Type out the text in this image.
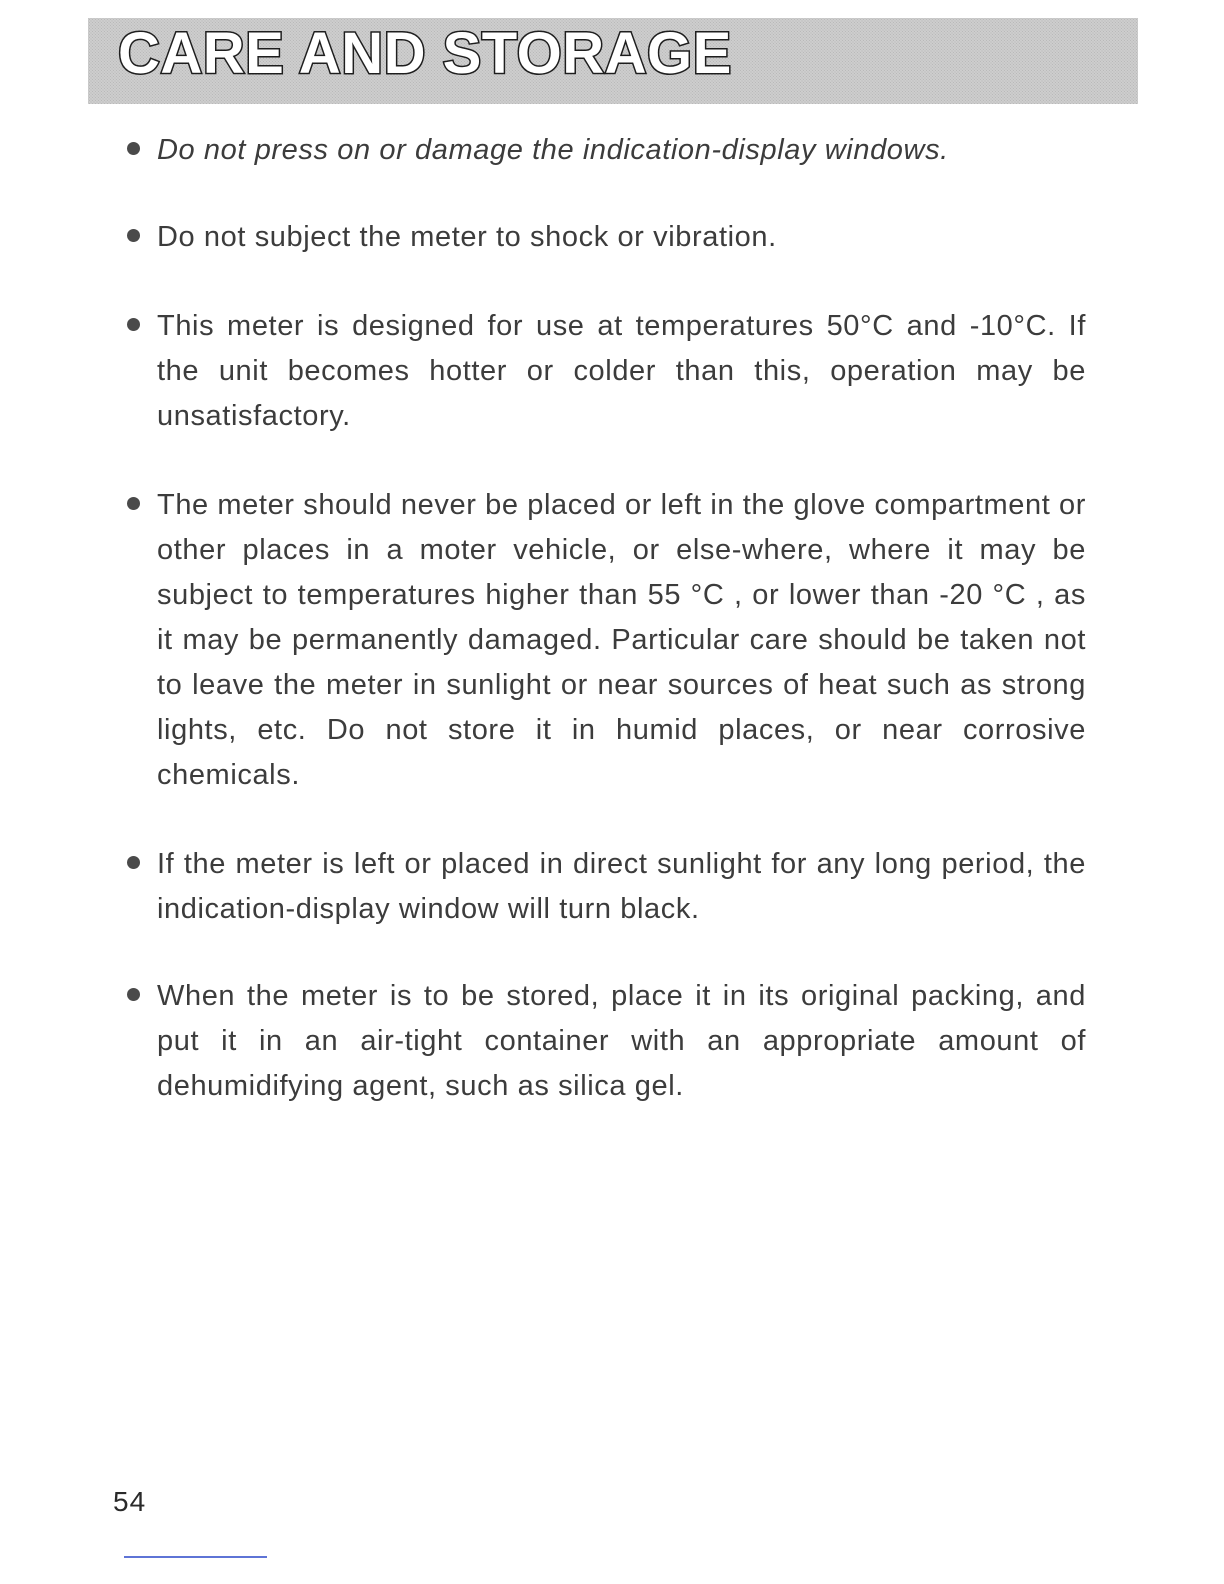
CARE AND STORAGE
Do not press on or damage the indication-display windows.
Do not subject the meter to shock or vibration.
This meter is designed for use at temperatures 50°C and -10°C. If the unit becomes hotter or colder than this, operation may be unsatisfactory.
The meter should never be placed or left in the glove compartment or other places in a moter vehicle, or else-where, where it may be subject to temperatures higher than 55 °C , or lower than -20 °C , as it may be permanently damaged. Particular care should be taken not to leave the meter in sunlight or near sources of heat such as strong lights, etc. Do not store it in humid places, or near corrosive chemicals.
If the meter is left or placed in direct sunlight for any long period, the indication-display window will turn black.
When the meter is to be stored, place it in its original packing, and put it in an air-tight container with an appropriate amount of dehumidifying agent, such as silica gel.
54
